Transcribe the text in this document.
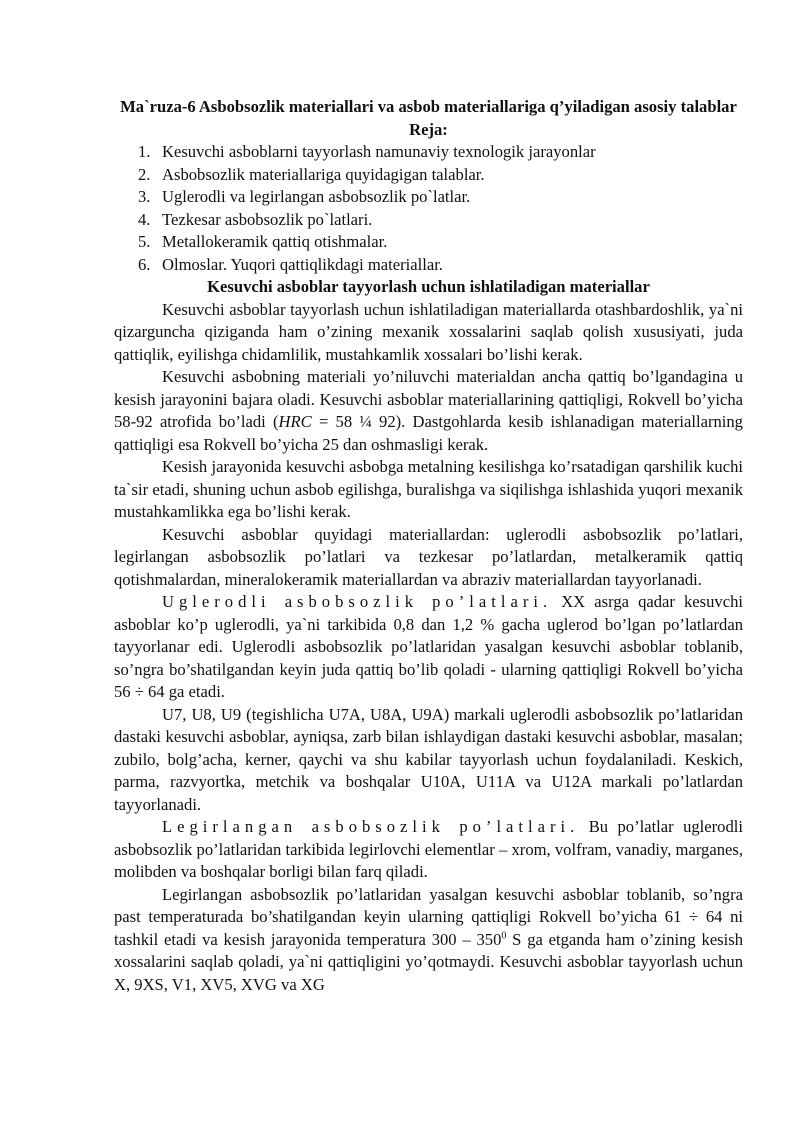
Ma`ruza-6 Asbobsozlik materiallari va asbob materiallariga q’yiladigan asosiy talablar

Reja:

1. Kesuvchi asboblarni tayyorlash namunaviy texnologik jarayonlar
2. Asbobsozlik materiallariga quyidagigan talablar.
3. Uglerodli va legirlangan asbobsozlik po`latlar.
4. Tezkesar asbobsozlik po`latlari.
5. Metallokeramik qattiq otishmalar.
6. Olmoslar. Yuqori qattiqlikdagi materiallar.

Kesuvchi asboblar tayyorlash uchun ishlatiladigan materiallar

Kesuvchi asboblar tayyorlash uchun ishlatiladigan materiallarda otashbardoshlik, ya`ni qizarguncha qiziganda ham o’zining mexanik xossalarini saqlab qolish xususiyati, juda qattiqlik, eyilishga chidamlilik, mustahkamlik xossalari bo’lishi kerak.

Kesuvchi asbobning materiali yo’niluvchi materialdan ancha qattiq bo’lgandagina u kesish jarayonini bajara oladi. Kesuvchi asboblar materiallarining qattiqligi, Rokvell bo’yicha 58-92 atrofida bo’ladi (HRC = 58 ¼ 92). Dastgohlarda kesib ishlanadigan materiallarning qattiqligi esa Rokvell bo’yicha 25 dan oshmasligi kerak.

Kesish jarayonida kesuvchi asbobga metalning kesilishga ko’rsatadigan qarshilik kuchi ta`sir etadi, shuning uchun asbob egilishga, buralishga va siqilishga ishlashida yuqori mexanik mustahkamlikka ega bo’lishi kerak.

Kesuvchi asboblar quyidagi materiallardan: uglerodli asbobsozlik po’latlari, legirlangan asbobsozlik po’latlari va tezkesar po’latlardan, metalkeramik qattiq qotishmalardan, mineralokeramik materiallardan va abraziv materiallardan tayyorlanadi.

Uglerodli asbobsozlik po’latlari. XX asrga qadar kesuvchi asboblar ko’p uglerodli, ya`ni tarkibida 0,8 dan 1,2 % gacha uglerod bo’lgan po’latlardan tayyorlanar edi. Uglerodli asbobsozlik po’latlaridan yasalgan kesuvchi asboblar toblanib, so’ngra bo’shatilgandan keyin juda qattiq bo’lib qoladi - ularning qattiqligi Rokvell bo’yicha 56 ÷ 64 ga etadi.

U7, U8, U9 (tegishlicha U7A, U8A, U9A) markali uglerodli asbobsozlik po’latlaridan dastaki kesuvchi asboblar, ayniqsa, zarb bilan ishlaydigan dastaki kesuvchi asboblar, masalan; zubilo, bolg’acha, kerner, qaychi va shu kabilar tayyorlash uchun foydalaniladi. Keskich, parma, razvyortka, metchik va boshqalar U10A, U11A va U12A markali po’latlardan tayyorlanadi.

Legirlangan asbobsozlik po’latlari. Bu po’latlar uglerodli asbobsozlik po’latlaridan tarkibida legirlovchi elementlar – xrom, volfram, vanadiy, marganes, molibden va boshqalar borligi bilan farq qiladi.

Legirlangan asbobsozlik po’latlaridan yasalgan kesuvchi asboblar toblanib, so’ngra past temperaturada bo’shatilgandan keyin ularning qattiqligi Rokvell bo’yicha 61 ÷ 64 ni tashkil etadi va kesish jarayonida temperatura $300 - 350^0$ S ga etganda ham o’zining kesish xossalarini saqlab qoladi, ya`ni qattiqligini yo’qotmaydi. Kesuvchi asboblar tayyorlash uchun X, 9XS, V1, XV5, XVG va XG
